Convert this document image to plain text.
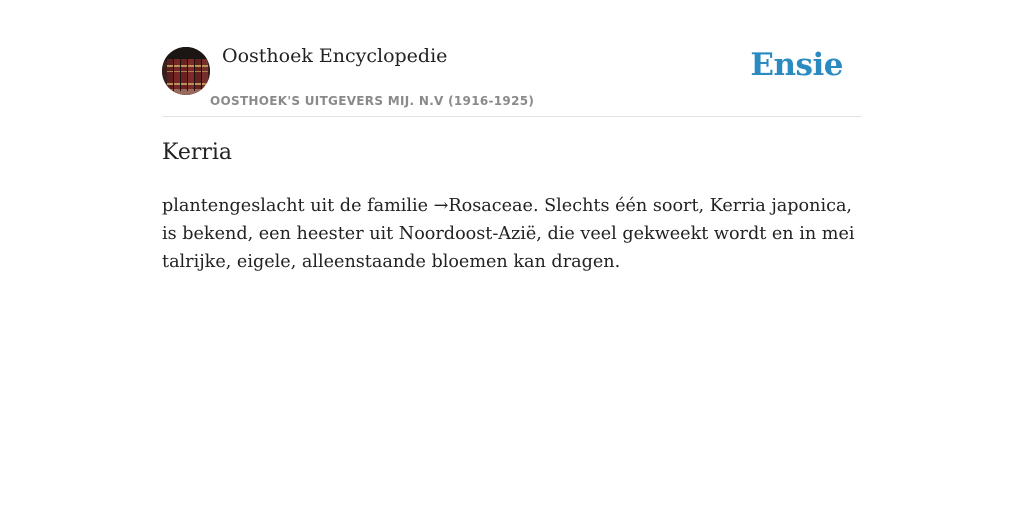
Oosthoek Encyclopedie
OOSTHOEK'S UITGEVERS MIJ. N.V (1916-1925)
Ensie
Kerria

plantengeslacht uit de familie →Rosaceae. Slechts één soort, Kerria japonica, is bekend, een heester uit Noordoost-Azië, die veel gekweekt wordt en in mei talrijke, eigele, alleenstaande bloemen kan dragen.
